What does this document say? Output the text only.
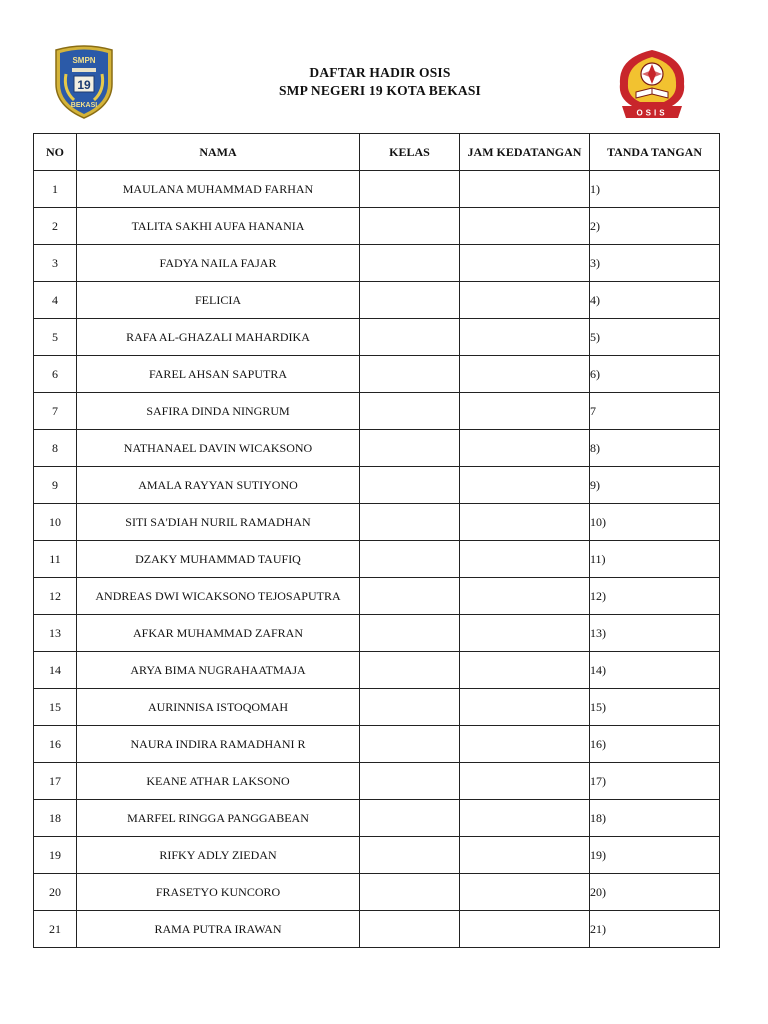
SMPN
19
BEKASI
DAFTAR HADIR OSIS
SMP NEGERI 19 KOTA BEKASI
OSIS
NO	NAMA	KELAS	JAM KEDATANGAN	TANDA TANGAN
1	MAULANA MUHAMMAD FARHAN			1)
2	TALITA SAKHI AUFA HANANIA			2)
3	FADYA NAILA FAJAR			3)
4	FELICIA			4)
5	RAFA AL-GHAZALI MAHARDIKA			5)
6	FAREL AHSAN SAPUTRA			6)
7	SAFIRA DINDA NINGRUM			7
8	NATHANAEL DAVIN WICAKSONO			8)
9	AMALA RAYYAN SUTIYONO			9)
10	SITI SA'DIAH NURIL RAMADHAN			10)
11	DZAKY MUHAMMAD TAUFIQ			11)
12	ANDREAS DWI WICAKSONO TEJOSAPUTRA			12)
13	AFKAR MUHAMMAD ZAFRAN			13)
14	ARYA BIMA NUGRAHAATMAJA			14)
15	AURINNISA ISTOQOMAH			15)
16	NAURA INDIRA RAMADHANI R			16)
17	KEANE ATHAR LAKSONO			17)
18	MARFEL RINGGA PANGGABEAN			18)
19	RIFKY ADLY ZIEDAN			19)
20	FRASETYO KUNCORO			20)
21	RAMA PUTRA IRAWAN			21)
